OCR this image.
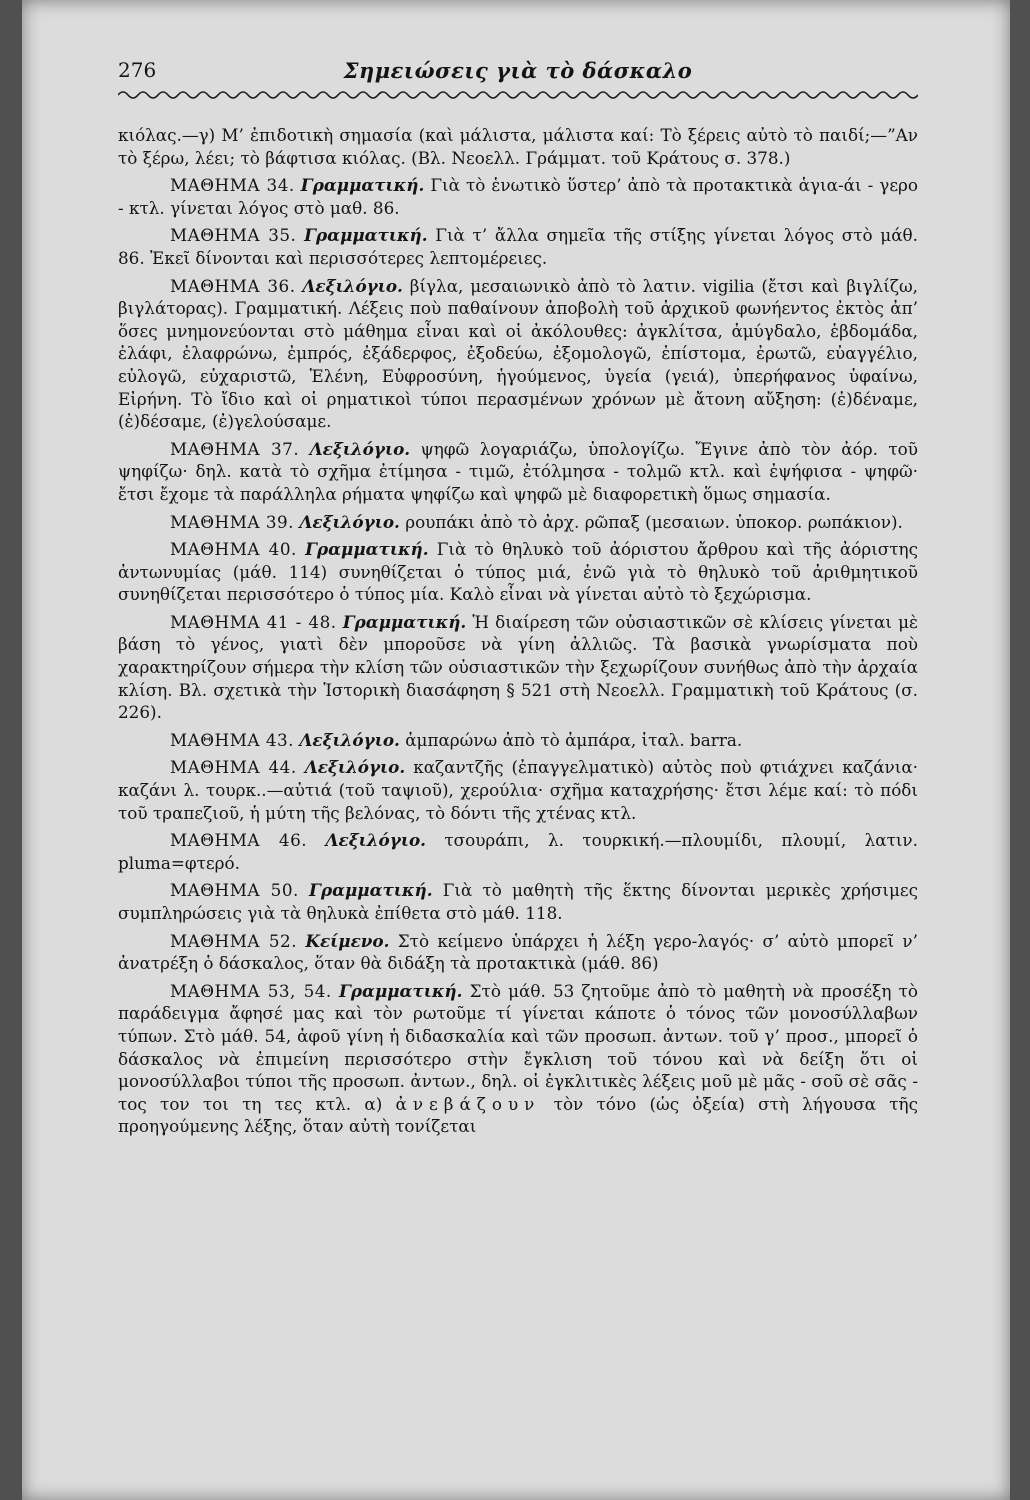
276	Σημειώσεις γιὰ τὸ δάσκαλο

κιόλας.—γ) Μ’ ἐπιδοτικὴ σημασία (καὶ μάλιστα, μάλιστα καί: Τὸ ξέρεις αὐτὸ τὸ παιδί;—”Αν τὸ ξέρω, λέει; τὸ βάφτισα κιόλας. (Βλ. Νεοελλ. Γράμματ. τοῦ Κράτους σ. 378.)

ΜΑΘΗΜΑ 34. Γραμματική. Γιὰ τὸ ἑνωτικὸ ὕστερ’ ἀπὸ τὰ προτακτικὰ ἁγια-άι - γερο - κτλ. γίνεται λόγος στὸ μαθ. 86.

ΜΑΘΗΜΑ 35. Γραμματική. Γιὰ τ’ ἄλλα σημεῖα τῆς στίξης γίνεται λόγος στὸ μάθ. 86. Ἐκεῖ δίνονται καὶ περισσότερες λεπτομέρειες.

ΜΑΘΗΜΑ 36. Λεξιλόγιο. βίγλα, μεσαιωνικὸ ἀπὸ τὸ λατιν. vigilia (ἔτσι καὶ βιγλίζω, βιγλάτορας). Γραμματική. Λέξεις ποὺ παθαίνουν ἀποβολὴ τοῦ ἀρχικοῦ φωνήεντος ἐκτὸς ἀπ’ ὅσες μνημονεύονται στὸ μάθημα εἶναι καὶ οἱ ἀκόλουθες: ἀγκλίτσα, ἀμύγδαλο, ἑβδομάδα, ἐλάφι, ἐλαφρώνω, ἐμπρός, ἐξάδερφος, ἐξοδεύω, ἐξομολογῶ, ἐπίστομα, ἐρωτῶ, εὐαγγέλιο, εὐλογῶ, εὐχαριστῶ, Ἑλένη, Εὐφροσύνη, ἡγούμενος, ὑγεία (γειά), ὑπερήφανος ὑφαίνω, Εἰρήνη. Τὸ ἴδιο καὶ οἱ ρηματικοὶ τύποι περασμένων χρόνων μὲ ἄτονη αὔξηση: (ἐ)δέναμε, (ἐ)δέσαμε, (ἐ)γελούσαμε.

ΜΑΘΗΜΑ 37. Λεξιλόγιο. ψηφῶ λογαριάζω, ὑπολογίζω. Ἔγινε ἀπὸ τὸν ἀόρ. τοῦ ψηφίζω· δηλ. κατὰ τὸ σχῆμα ἐτίμησα - τιμῶ, ἐτόλμησα - τολμῶ κτλ. καὶ ἐψήφισα - ψηφῶ· ἔτσι ἔχομε τὰ παράλληλα ρήματα ψηφίζω καὶ ψηφῶ μὲ διαφορετικὴ ὅμως σημασία.

ΜΑΘΗΜΑ 39. Λεξιλόγιο. ρουπάκι ἀπὸ τὸ ἀρχ. ρῶπαξ (μεσαιων. ὑποκορ. ρωπάκιον).

ΜΑΘΗΜΑ 40. Γραμματική. Γιὰ τὸ θηλυκὸ τοῦ ἀόριστου ἄρθρου καὶ τῆς ἀόριστης ἀντωνυμίας (μάθ. 114) συνηθίζεται ὁ τύπος μιά, ἐνῶ γιὰ τὸ θηλυκὸ τοῦ ἀριθμητικοῦ συνηθίζεται περισσότερο ὁ τύπος μία. Καλὸ εἶναι νὰ γίνεται αὐτὸ τὸ ξεχώρισμα.

ΜΑΘΗΜΑ 41 - 48. Γραμματική. Ἡ διαίρεση τῶν οὐσιαστικῶν σὲ κλίσεις γίνεται μὲ βάση τὸ γένος, γιατὶ δὲν μποροῦσε νὰ γίνη ἀλλιῶς. Τὰ βασικὰ γνωρίσματα ποὺ χαρακτηρίζουν σήμερα τὴν κλίση τῶν οὐσιαστικῶν τὴν ξεχωρίζουν συνήθως ἀπὸ τὴν ἀρχαία κλίση. Βλ. σχετικὰ τὴν Ἱστορικὴ διασάφηση § 521 στὴ Νεοελλ. Γραμματικὴ τοῦ Κράτους (σ. 226).

ΜΑΘΗΜΑ 43. Λεξιλόγιο. ἀμπαρώνω ἀπὸ τὸ ἀμπάρα, ἰταλ. barra.

ΜΑΘΗΜΑ 44. Λεξιλόγιο. καζαντζῆς (ἐπαγγελματικὸ) αὐτὸς ποὺ φτιάχνει καζάνια· καζάνι λ. τουρκ..—αὐτιά (τοῦ ταψιοῦ), χερούλια· σχῆμα καταχρήσης· ἔτσι λέμε καί: τὸ πόδι τοῦ τραπεζιοῦ, ἡ μύτη τῆς βελόνας, τὸ δόντι τῆς χτένας κτλ.

ΜΑΘΗΜΑ 46. Λεξιλόγιο. τσουράπι, λ. τουρκική.—πλουμίδι, πλουμί, λατιν. pluma=φτερό.

ΜΑΘΗΜΑ 50. Γραμματική. Γιὰ τὸ μαθητὴ τῆς ἕκτης δίνονται μερικὲς χρήσιμες συμπληρώσεις γιὰ τὰ θηλυκὰ ἐπίθετα στὸ μάθ. 118.

ΜΑΘΗΜΑ 52. Κείμενο. Στὸ κείμενο ὑπάρχει ἡ λέξη γερο-λαγός· σ’ αὐτὸ μπορεῖ ν’ ἀνατρέξη ὁ δάσκαλος, ὅταν θὰ διδάξη τὰ προτακτικὰ (μάθ. 86)

ΜΑΘΗΜΑ 53, 54. Γραμματική. Στὸ μάθ. 53 ζητοῦμε ἀπὸ τὸ μαθητὴ νὰ προσέξη τὸ παράδειγμα ἄφησέ μας καὶ τὸν ρωτοῦμε τί γίνεται κάποτε ὁ τόνος τῶν μονοσύλλαβων τύπων. Στὸ μάθ. 54, ἀφοῦ γίνη ἡ διδασκαλία καὶ τῶν προσωπ. ἀντων. τοῦ γ’ προσ., μπορεῖ ὁ δάσκαλος νὰ ἐπιμείνη περισσότερο στὴν ἔγκλιση τοῦ τόνου καὶ νὰ δείξη ὅτι οἱ μονοσύλλαβοι τύποι τῆς προσωπ. ἀντων., δηλ. οἱ ἐγκλιτικὲς λέξεις μοῦ μὲ μᾶς - σοῦ σὲ σᾶς - τος τον τοι τη τες κτλ. α) ἀνεβάζουν τὸν τόνο (ὡς ὀξεία) στὴ λήγουσα τῆς προηγούμενης λέξης, ὅταν αὐτὴ τονίζεται
